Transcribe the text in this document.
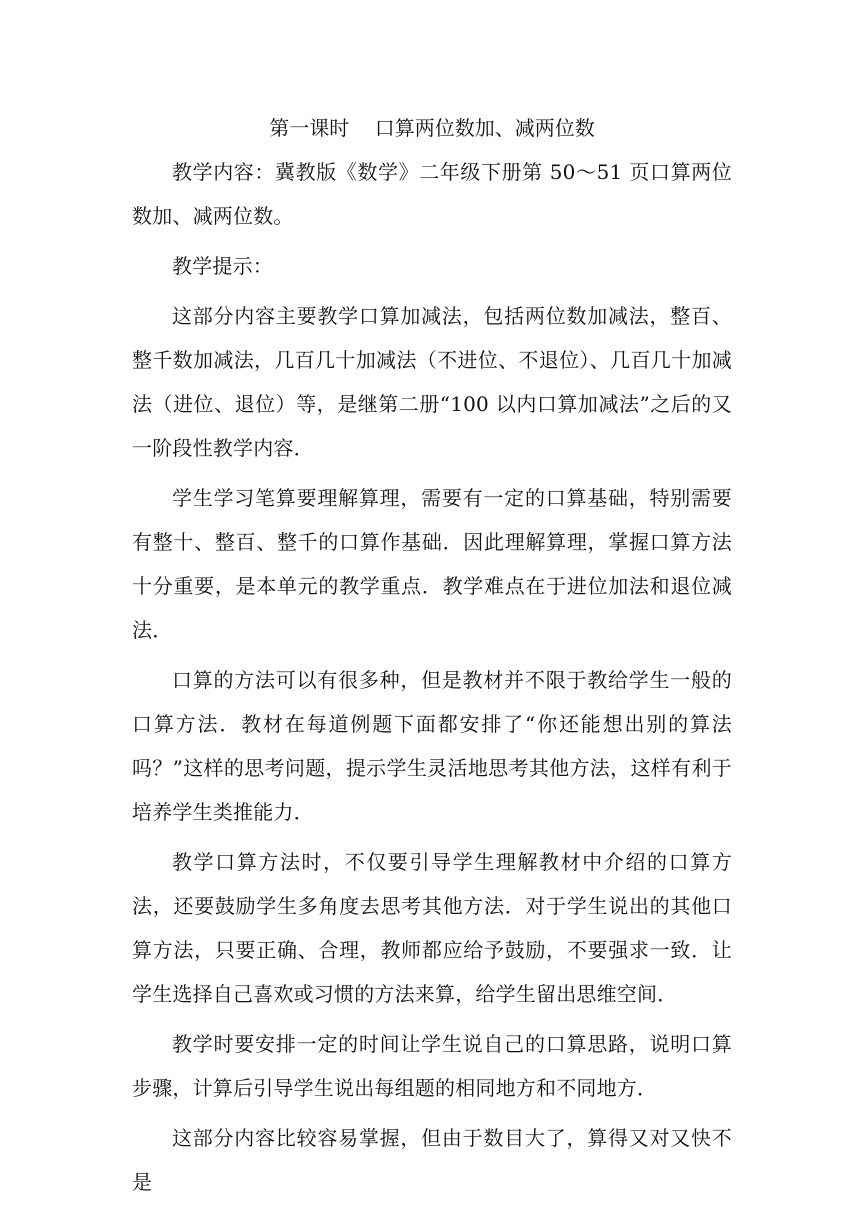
第一课时    口算两位数加、减两位数

教学内容：冀教版《数学》二年级下册第 50～51 页口算两位数加、减两位数。

教学提示：

这部分内容主要教学口算加减法，包括两位数加减法，整百、整千数加减法，几百几十加减法（不进位、不退位）、几百几十加减法（进位、退位）等，是继第二册“100 以内口算加减法”之后的又一阶段性教学内容．

学生学习笔算要理解算理，需要有一定的口算基础，特别需要有整十、整百、整千的口算作基础．因此理解算理，掌握口算方法十分重要，是本单元的教学重点．教学难点在于进位加法和退位减法．

口算的方法可以有很多种，但是教材并不限于教给学生一般的口算方法．教材在每道例题下面都安排了“你还能想出别的算法吗？”这样的思考问题，提示学生灵活地思考其他方法，这样有利于培养学生类推能力．

教学口算方法时，不仅要引导学生理解教材中介绍的口算方法，还要鼓励学生多角度去思考其他方法．对于学生说出的其他口算方法，只要正确、合理，教师都应给予鼓励，不要强求一致．让学生选择自己喜欢或习惯的方法来算，给学生留出思维空间．

教学时要安排一定的时间让学生说自己的口算思路，说明口算步骤，计算后引导学生说出每组题的相同地方和不同地方．

这部分内容比较容易掌握，但由于数目大了，算得又对又快不是
